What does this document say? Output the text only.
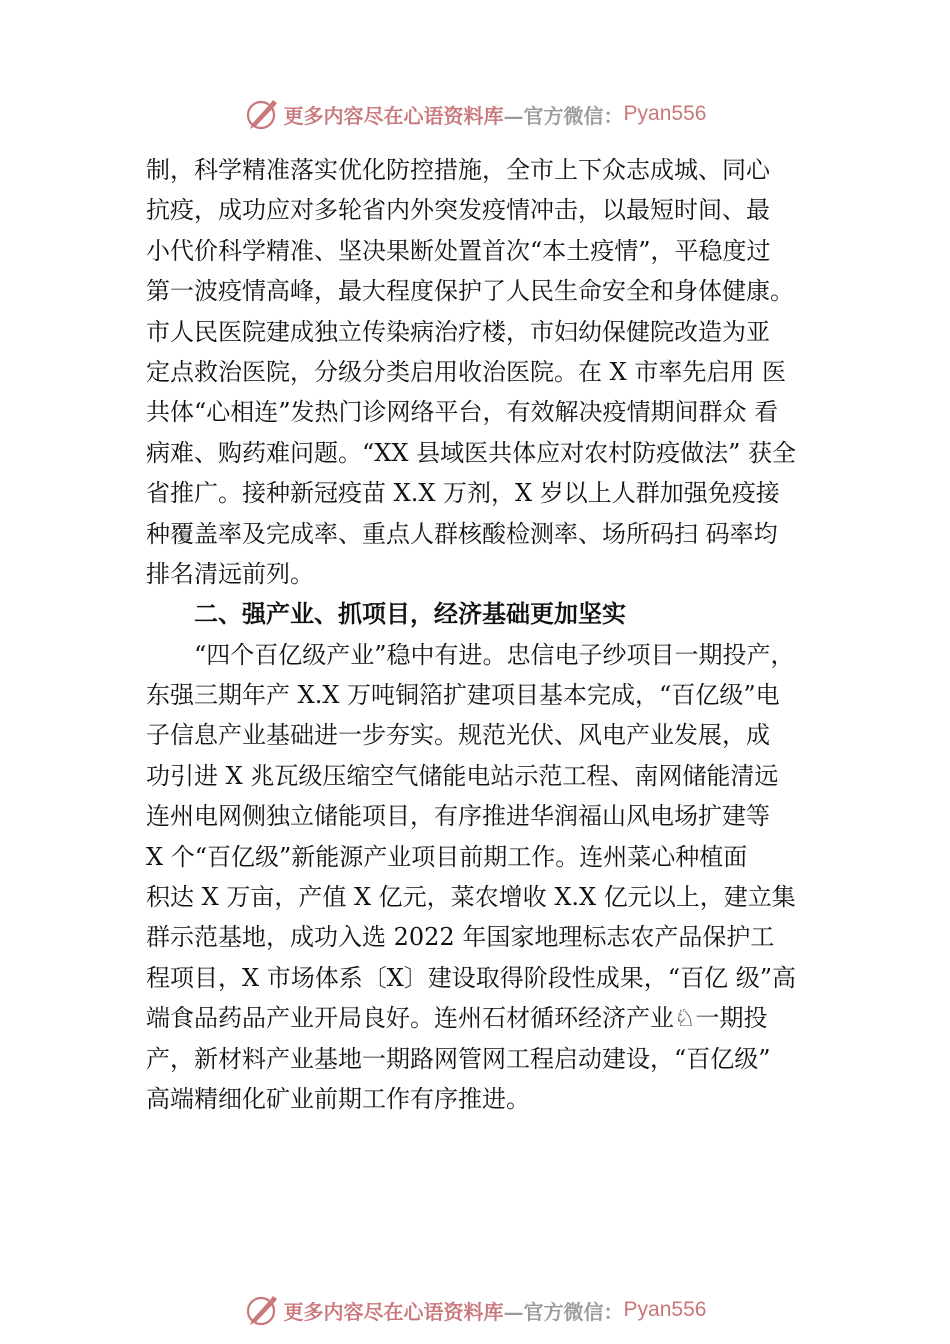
更多内容尽在心语资料库 —官方微信： Pyan556
制，科学精准落实优化防控措施，全市上下众志成城、同心
抗疫，成功应对多轮省内外突发疫情冲击，以最短时间、最
小代价科学精准、坚决果断处置首次“本土疫情”，平稳度过
第一波疫情高峰，最大程度保护了人民生命安全和身体健康。
市人民医院建成独立传染病治疗楼，市妇幼保健院改造为亚
定点救治医院，分级分类启用收治医院。在 X 市率先启用 医
共体“心相连”发热门诊网络平台，有效解决疫情期间群众 看
病难、购药难问题。“XX 县域医共体应对农村防疫做法” 获全
省推广。接种新冠疫苗 X.X 万剂，X 岁以上人群加强免疫接
种覆盖率及完成率、重点人群核酸检测率、场所码扫 码率均
排名清远前列。
二、强产业、抓项目，经济基础更加坚实
“四个百亿级产业”稳中有进。忠信电子纱项目一期投产，
东强三期年产 X.X 万吨铜箔扩建项目基本完成，“百亿级”电
子信息产业基础进一步夯实。规范光伏、风电产业发展，成
功引进 X 兆瓦级压缩空气储能电站示范工程、南网储能清远
连州电网侧独立储能项目，有序推进华润福山风电场扩建等
X 个“百亿级”新能源产业项目前期工作。连州菜心种植面
积达 X 万亩，产值 X 亿元，菜农增收 X.X 亿元以上，建立集
群示范基地，成功入选 2022 年国家地理标志农产品保护工
程项目，X 市场体系〔X〕建设取得阶段性成果，“百亿 级”高
端食品药品产业开局良好。连州石材循环经济产业♘一期投
产，新材料产业基地一期路网管网工程启动建设，“百亿级”
高端精细化矿业前期工作有序推进。
更多内容尽在心语资料库 —官方微信： Pyan556
